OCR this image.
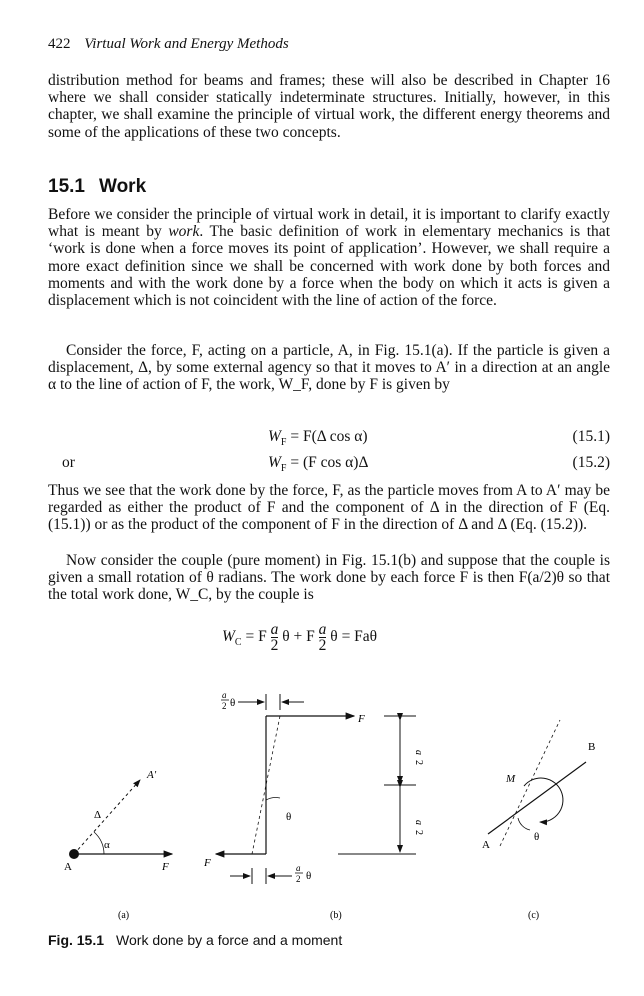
422 Virtual Work and Energy Methods
distribution method for beams and frames; these will also be described in Chapter 16 where we shall consider statically indeterminate structures. Initially, however, in this chapter, we shall examine the principle of virtual work, the different energy theorems and some of the applications of these two concepts.
15.1 Work
Before we consider the principle of virtual work in detail, it is important to clarify exactly what is meant by work. The basic definition of work in elementary mechanics is that ‘work is done when a force moves its point of application’. However, we shall require a more exact definition since we shall be concerned with work done by both forces and moments and with the work done by a force when the body on which it acts is given a displacement which is not coincident with the line of action of the force.
Consider the force, F, acting on a particle, A, in Fig. 15.1(a). If the particle is given a displacement, Δ, by some external agency so that it moves to A′ in a direction at an angle α to the line of action of F, the work, W_F, done by F is given by
$W_F = F(\Delta$ cos α)	(15.1)
or	$W_F = (F$ cos α)Δ	(15.2)
Thus we see that the work done by the force, F, as the particle moves from A to A′ may be regarded as either the product of F and the component of Δ in the direction of F (Eq. (15.1)) or as the product of the component of F in the direction of Δ and Δ (Eq. (15.2)).
Now consider the couple (pure moment) in Fig. 15.1(b) and suppose that the couple is given a small rotation of θ radians. The work done by each force F is then F(a/2)θ so that the total work done, W_C, by the couple is
$W_C = F \frac{a}{2}$ θ + F $\frac{a}{2}$ θ = Faθ
A
A′
Δ
α
F
(a)
θ
F
F
a
2 θ
a
2 θ
a
2
a
2
(b)
A
B
M
θ
(c)
Fig. 15.1 Work done by a force and a moment
